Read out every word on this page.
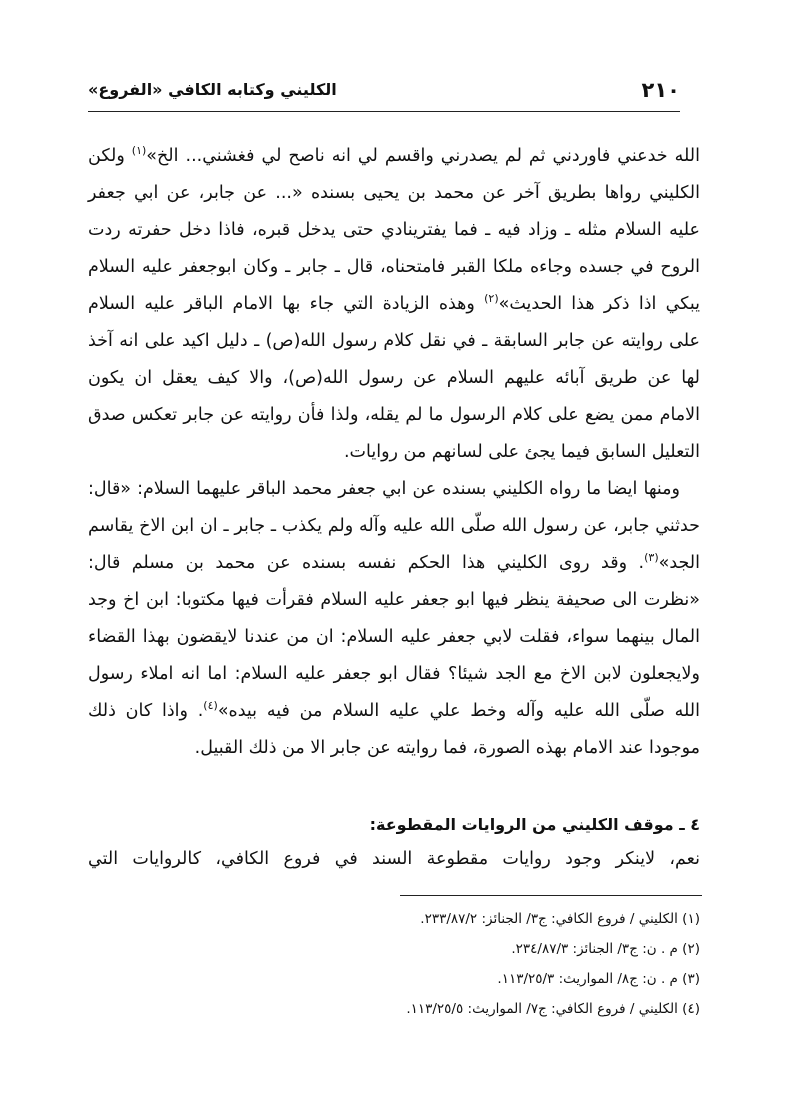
٢١٠
الكليني وكتابه الكافي «الفروع»
الله خدعني فاوردني ثم لم يصدرني واقسم لي انه ناصح لي فغشني... الخ»$^{(١)}$ ولكن
الكليني رواها بطريق آخر عن محمد بن يحيى بسنده «... عن جابر، عن ابي جعفر
عليه السلام مثله ـ وزاد فيه ـ فما يفترينادي حتى يدخل قبره، فاذا دخل حفرته ردت
الروح في جسده وجاءه ملكا القبر فامتحناه، قال ـ جابر ـ وكان ابوجعفر عليه السلام
يبكي اذا ذكر هذا الحديث»$^{(٢)}$ وهذه الزيادة التي جاء بها الامام الباقر عليه السلام
على روايته عن جابر السابقة ـ في نقل كلام رسول الله(ص) ـ دليل اكيد على انه آخذ
لها عن طريق آبائه عليهم السلام عن رسول الله(ص)، والا كيف يعقل ان يكون
الامام ممن يضع على كلام الرسول ما لم يقله، ولذا فأن روايته عن جابر تعكس صدق
التعليل السابق فيما يجئ على لسانهم من روايات.
ومنها ايضا ما رواه الكليني بسنده عن ابي جعفر محمد الباقر عليهما السلام: «قال:
حدثني جابر، عن رسول الله صلّى الله عليه وآله ولم يكذب ـ جابر ـ ان ابن الاخ يقاسم
الجد»$^{(٣)}$. وقد روى الكليني هذا الحكم نفسه بسنده عن محمد بن مسلم قال:
«نظرت الى صحيفة ينظر فيها ابو جعفر عليه السلام فقرأت فيها مكتوبا: ابن اخ وجد
المال بينهما سواء، فقلت لابي جعفر عليه السلام: ان من عندنا لايقضون بهذا القضاء
ولايجعلون لابن الاخ مع الجد شيئا؟ فقال ابو جعفر عليه السلام: اما انه املاء رسول
الله صلّى الله عليه وآله وخط علي عليه السلام من فيه بيده»$^{(٤)}$. واذا كان ذلك
موجودا عند الامام بهذه الصورة، فما روايته عن جابر الا من ذلك القبيل.
٤ ـ موقف الكليني من الروايات المقطوعة:
نعم، لاينكر وجود روايات مقطوعة السند في فروع الكافي، كالروايات التي
(١) الكليني / فروع الكافي: ج٣/ الجنائز: ٢٣٣/٨٧/٢.
(٢) م . ن: ج٣/ الجنائز: ٢٣٤/٨٧/٣.
(٣) م . ن: ج٨/ المواريث: ١١٣/٢٥/٣.
(٤) الكليني / فروع الكافي: ج٧/ المواريث: ١١٣/٢٥/٥.
